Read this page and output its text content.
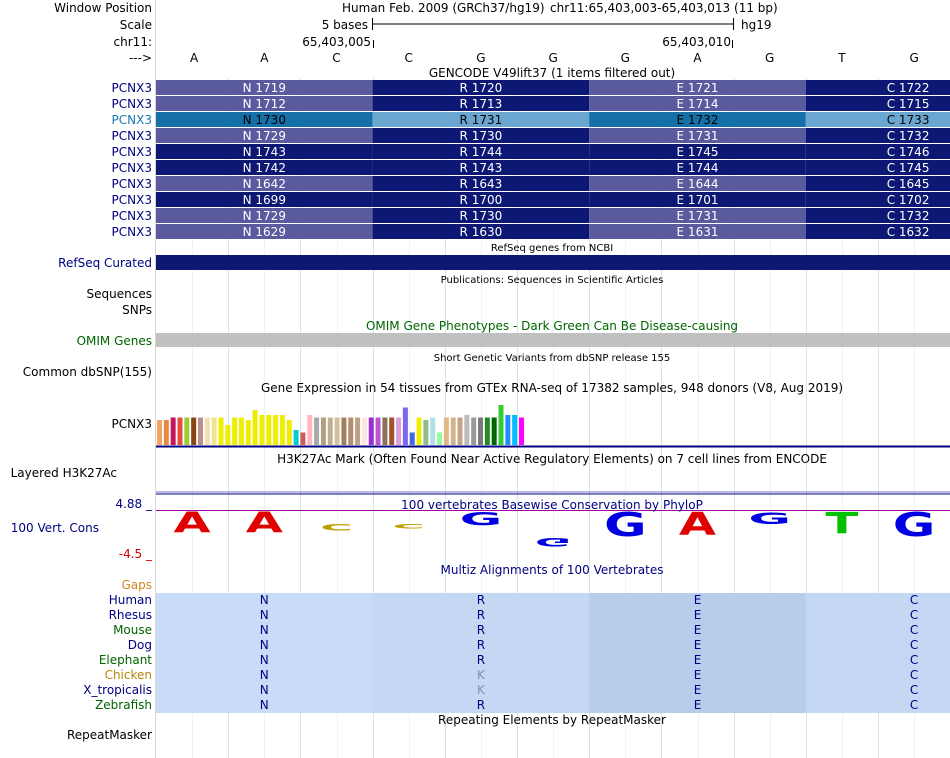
A A C C G
G G A G T G
Window Position
Scale
chr11:
--->
Human Feb. 2009 (GRCh37/hg19) chr11:65,403,003-65,403,013 (11 bp)
5 bases	hg19
65,403,005	65,403,010
A	A	C	C	G	G	G	A	G	T	G
GENCODE V49lift37 (1 items filtered out)
PCNX3	N 1719	R 1720	E 1721	C 1722
PCNX3	N 1712	R 1713	E 1714	C 1715
PCNX3	N 1730	R 1731	E 1732	C 1733
PCNX3	N 1729	R 1730	E 1731	C 1732
PCNX3	N 1743	R 1744	E 1745	C 1746
PCNX3	N 1742	R 1743	E 1744	C 1745
PCNX3	N 1642	R 1643	E 1644	C 1645
PCNX3	N 1699	R 1700	E 1701	C 1702
PCNX3	N 1729	R 1730	E 1731	C 1732
PCNX3	N 1629	R 1630	E 1631	C 1632
RefSeq genes from NCBI
RefSeq Curated
Publications: Sequences in Scientific Articles
Sequences
SNPs
OMIM Gene Phenotypes - Dark Green Can Be Disease-causing
OMIM Genes
Short Genetic Variants from dbSNP release 155
Common dbSNP(155)
Gene Expression in 54 tissues from GTEx RNA-seq of 17382 samples, 948 donors (V8, Aug 2019)
PCNX3
H3K27Ac Mark (Often Found Near Active Regulatory Elements) on 7 cell lines from ENCODE
Layered H3K27Ac
100 vertebrates Basewise Conservation by PhyloP
4.88 _
100 Vert. Cons
-4.5 _
Multiz Alignments of 100 Vertebrates
Gaps
Human	N	R	E	C
Rhesus	N	R	E	C
Mouse	N	R	E	C
Dog	N	R	E	C
Elephant	N	R	E	C
Chicken	N	K	E	C
X_tropicalis	N	K	E	C
Zebrafish	N	R	E	C
Repeating Elements by RepeatMasker
RepeatMasker
